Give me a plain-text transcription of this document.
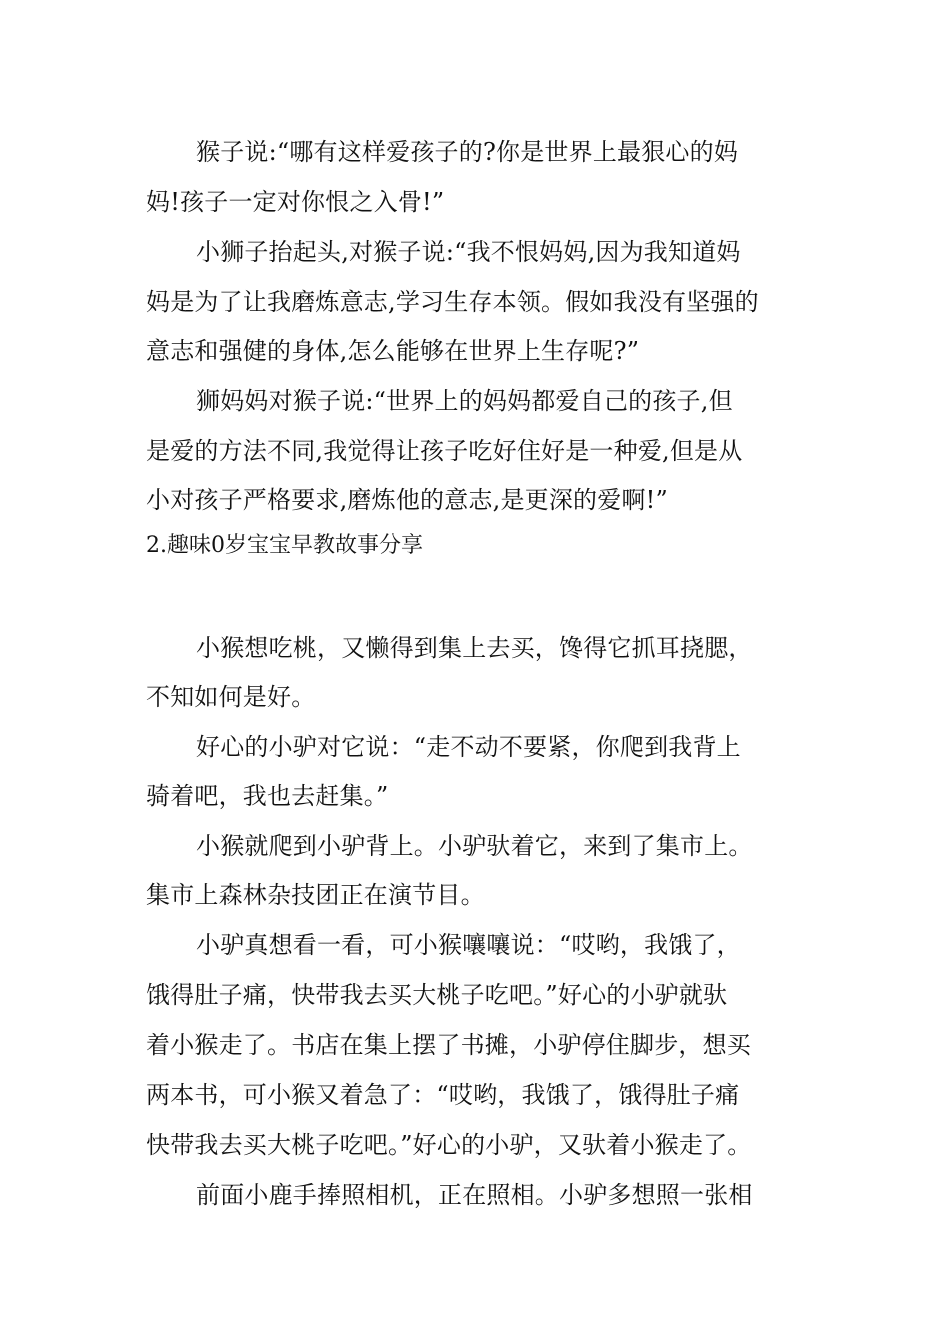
猴子说:“哪有这样爱孩子的?你是世界上最狠心的妈
妈!孩子一定对你恨之入骨!”
小狮子抬起头,对猴子说:“我不恨妈妈,因为我知道妈
妈是为了让我磨炼意志,学习生存本领。假如我没有坚强的
意志和强健的身体,怎么能够在世界上生存呢?”
狮妈妈对猴子说:“世界上的妈妈都爱自己的孩子,但
是爱的方法不同,我觉得让孩子吃好住好是一种爱,但是从
小对孩子严格要求,磨炼他的意志,是更深的爱啊!”
2.趣味0岁宝宝早教故事分享
小猴想吃桃，又懒得到集上去买，馋得它抓耳挠腮，
不知如何是好。
好心的小驴对它说：“走不动不要紧，你爬到我背上
骑着吧，我也去赶集。”
小猴就爬到小驴背上。小驴驮着它，来到了集市上。
集市上森林杂技团正在演节目。
小驴真想看一看，可小猴嚷嚷说：“哎哟，我饿了，
饿得肚子痛，快带我去买大桃子吃吧。”好心的小驴就驮
着小猴走了。书店在集上摆了书摊，小驴停住脚步，想买
两本书，可小猴又着急了：“哎哟，我饿了，饿得肚子痛
快带我去买大桃子吃吧。”好心的小驴，又驮着小猴走了。
前面小鹿手捧照相机，正在照相。小驴多想照一张相
